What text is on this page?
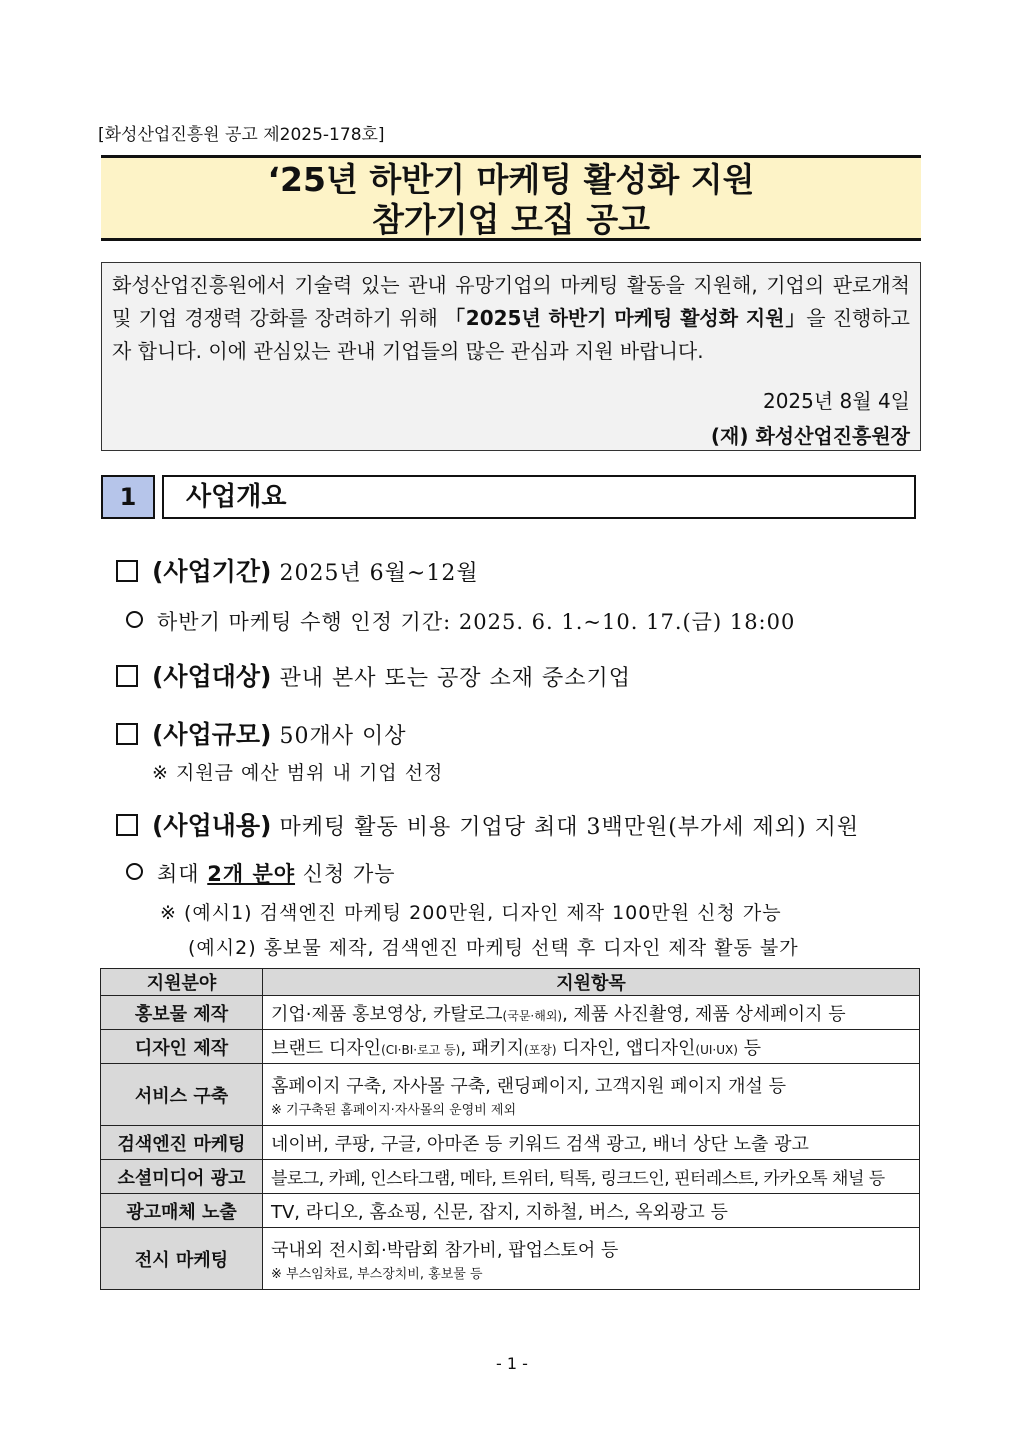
[화성산업진흥원 공고 제2025-178호]
‘25년 하반기 마케팅 활성화 지원
참가기업 모집 공고
화성산업진흥원에서 기술력 있는 관내 유망기업의 마케팅 활동을 지원해, 기업의 판로개척 및 기업 경쟁력 강화를 장려하기 위해 「2025년 하반기 마케팅 활성화 지원」을 진행하고자 합니다. 이에 관심있는 관내 기업들의 많은 관심과 지원 바랍니다.
2025년 8월 4일
(재) 화성산업진흥원장
1	사업개요
(사업기간) 2025년 6월~12월
하반기 마케팅 수행 인정 기간: 2025. 6. 1.~10. 17.(금) 18:00
(사업대상) 관내 본사 또는 공장 소재 중소기업
(사업규모) 50개사 이상
※ 지원금 예산 범위 내 기업 선정
(사업내용) 마케팅 활동 비용 기업당 최대 3백만원(부가세 제외) 지원
최대 2개 분야 신청 가능
※ (예시1) 검색엔진 마케팅 200만원, 디자인 제작 100만원 신청 가능
(예시2) 홍보물 제작, 검색엔진 마케팅 선택 후 디자인 제작 활동 불가
지원분야	지원항목
홍보물 제작	기업·제품 홍보영상, 카탈로그(국문·해외), 제품 사진촬영, 제품 상세페이지 등
디자인 제작	브랜드 디자인(CI·BI·로고 등), 패키지(포장) 디자인, 앱디자인(UI·UX) 등
서비스 구축	홈페이지 구축, 자사몰 구축, 랜딩페이지, 고객지원 페이지 개설 등
※ 기구축된 홈페이지·자사몰의 운영비 제외

검색엔진 마케팅	네이버, 쿠팡, 구글, 아마존 등 키워드 검색 광고, 배너 상단 노출 광고
소셜미디어 광고	블로그, 카페, 인스타그램, 메타, 트위터, 틱톡, 링크드인, 핀터레스트, 카카오톡 채널 등
광고매체 노출	TV, 라디오, 홈쇼핑, 신문, 잡지, 지하철, 버스, 옥외광고 등
전시 마케팅	국내외 전시회·박람회 참가비, 팝업스토어 등
※ 부스임차료, 부스장치비, 홍보물 등
- 1 -
